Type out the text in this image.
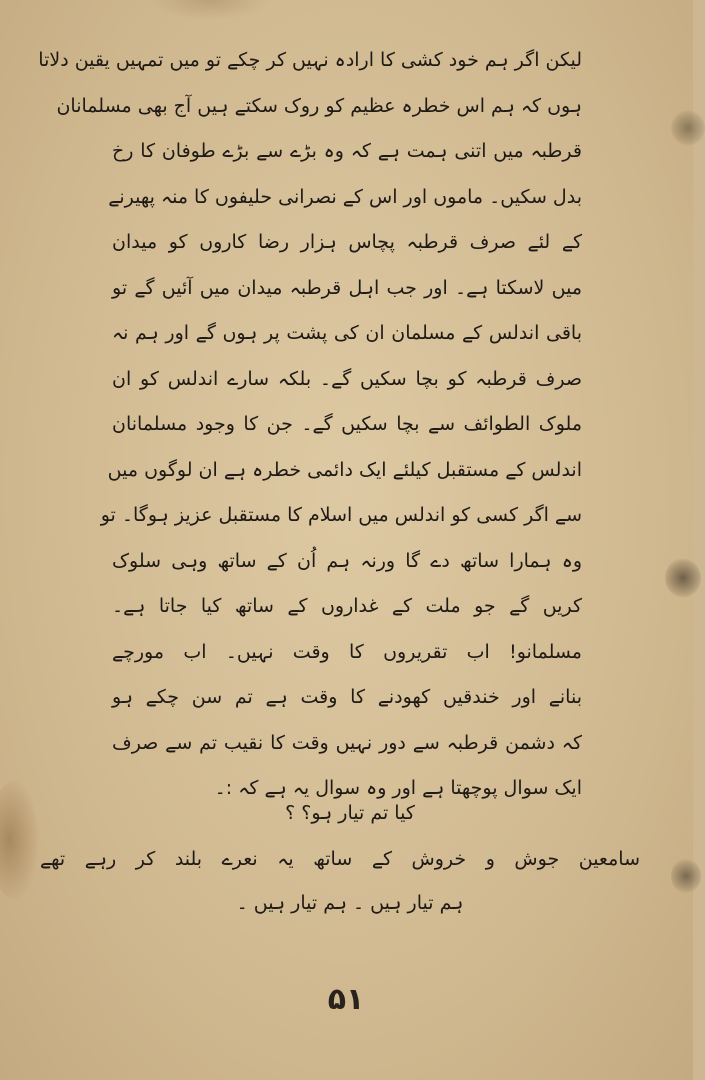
لیکن اگر ہم خود کشی کا ارادہ نہیں کر چکے تو میں تمہیں یقین دلاتا
ہوں کہ ہم اس خطرہ عظیم کو روک سکتے ہیں آج بھی مسلمانان
قرطبہ میں اتنی ہمت ہے کہ وہ بڑے سے بڑے طوفان کا رخ
بدل سکیں۔ ماموں اور اس کے نصرانی حلیفوں کا منہ پھیرنے
کے لئے صرف قرطبہ پچاس ہزار رضا کاروں کو میدان
میں لاسکتا ہے۔ اور جب اہل قرطبہ میدان میں آئیں گے تو
باقی اندلس کے مسلمان ان کی پشت پر ہوں گے اور ہم نہ
صرف قرطبہ کو بچا سکیں گے۔ بلکہ سارے اندلس کو ان
ملوک الطوائف سے بچا سکیں گے۔ جن کا وجود مسلمانان
اندلس کے مستقبل کیلئے ایک دائمی خطرہ ہے ان لوگوں میں
سے اگر کسی کو اندلس میں اسلام کا مستقبل عزیز ہوگا۔ تو
وہ ہمارا ساتھ دے گا ورنہ ہم اُن کے ساتھ وہی سلوک
کریں گے جو ملت کے غداروں کے ساتھ کیا جاتا ہے۔
مسلمانو! اب تقریروں کا وقت نہیں۔ اب مورچے
بنانے اور خندقیں کھودنے کا وقت ہے تم سن چکے ہو
کہ دشمن قرطبہ سے دور نہیں وقت کا نقیب تم سے صرف
ایک سوال پوچھتا ہے اور وہ سوال یہ ہے کہ :۔
کیا تم تیار ہو؟ ؟
سامعین جوش و خروش کے ساتھ یہ نعرے بلند کر رہے تھے
ہم تیار ہیں ۔ ہم تیار ہیں ۔
۵۱
